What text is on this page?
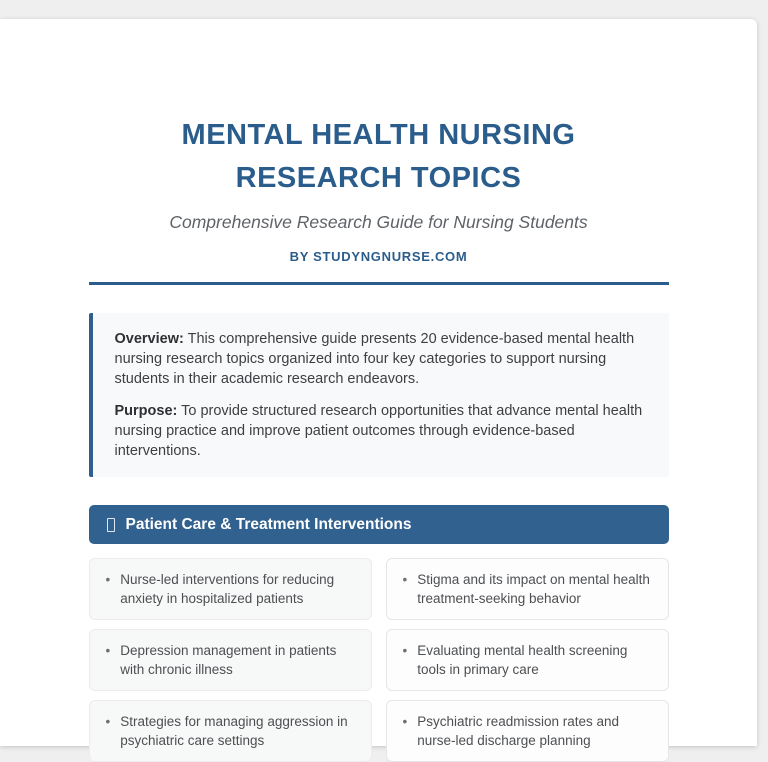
MENTAL HEALTH NURSING
RESEARCH TOPICS
Comprehensive Research Guide for Nursing Students
BY STUDYNGNURSE.COM

Overview: This comprehensive guide presents 20 evidence-based mental health nursing research topics organized into four key categories to support nursing students in their academic research endeavors.

Purpose: To provide structured research opportunities that advance mental health nursing practice and improve patient outcomes through evidence-based interventions.

Patient Care & Treatment Interventions
• Nurse-led interventions for reducing anxiety in hospitalized patients
• Stigma and its impact on mental health treatment-seeking behavior
• Depression management in patients with chronic illness
• Evaluating mental health screening tools in primary care
• Strategies for managing aggression in psychiatric care settings
• Psychiatric readmission rates and nurse-led discharge planning
